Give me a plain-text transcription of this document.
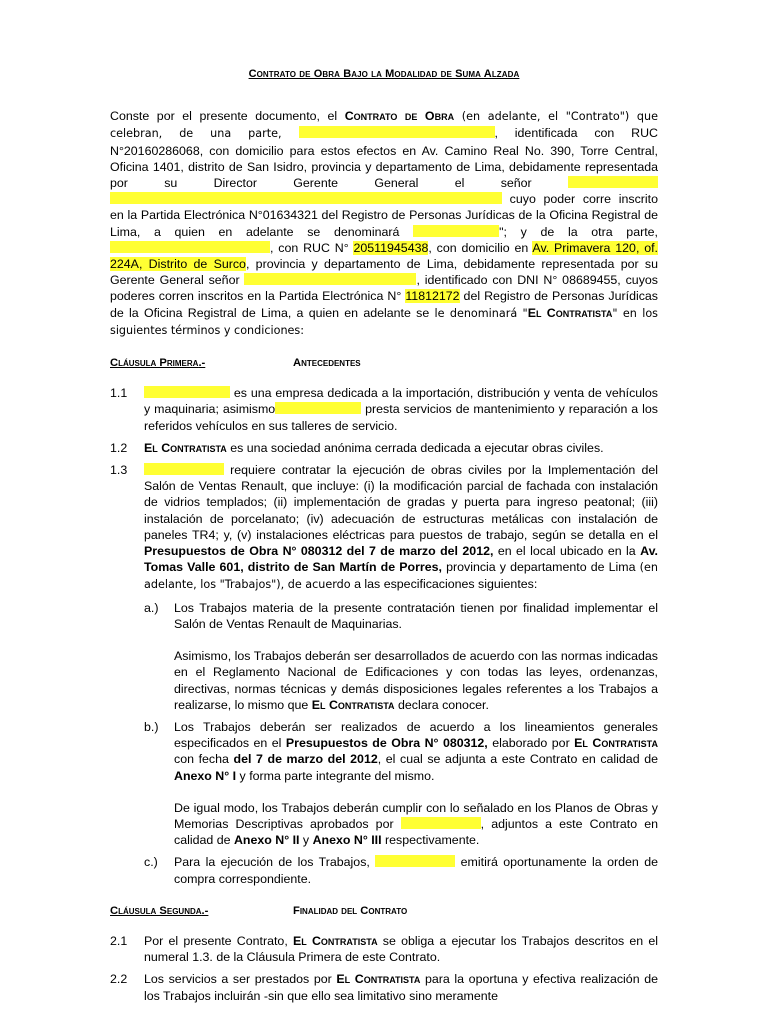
Contrato de Obra Bajo la Modalidad de Suma Alzada

Conste por el presente documento, el Contrato de Obra (en adelante, el "Contrato") que celebran, de una parte,	, identificada con RUC N°20160286068, con domicilio para estos efectos en Av. Camino Real No. 390, Torre Central, Oficina 1401, distrito de San Isidro, provincia y departamento de Lima, debidamente representada por su Director Gerente General el señor   cuyo poder corre inscrito en la Partida Electrónica N°01634321 del Registro de Personas Jurídicas de la Oficina Registral de Lima, a quien en adelante se denominará	"; y de la otra parte, , con RUC N° 20511945438, con domicilio en Av. Primavera 120, of. 224A, Distrito de Surco, provincia y departamento de Lima, debidamente representada por su Gerente General señor	, identificado con DNI N° 08689455, cuyos poderes corren inscritos en la Partida Electrónica N° 11812172 del Registro de Personas Jurídicas de la Oficina Registral de Lima, a quien en adelante se le denominará "El Contratista" en los siguientes términos y condiciones:

Cláusula Primera.-	Antecedentes
1.1	es una empresa dedicada a la importación, distribución y venta de vehículos y maquinaria; asimismo	presta servicios de mantenimiento y reparación a los referidos vehículos en sus talleres de servicio.
1.2	El Contratista es una sociedad anónima cerrada dedicada a ejecutar obras civiles.
1.3	requiere contratar la ejecución de obras civiles por la Implementación del Salón de Ventas Renault, que incluye: (i) la modificación parcial de fachada con instalación de vidrios templados; (ii) implementación de gradas y puerta para ingreso peatonal; (iii) instalación de porcelanato; (iv) adecuación de estructuras metálicas con instalación de paneles TR4; y, (v) instalaciones eléctricas para puestos de trabajo, según se detalla en el Presupuestos de Obra N° 080312 del 7 de marzo del 2012, en el local ubicado en la Av. Tomas Valle 601, distrito de San Martín de Porres, provincia y departamento de Lima (en adelante, los "Trabajos"), de acuerdo a las especificaciones siguientes:
a.)	Los Trabajos materia de la presente contratación tienen por finalidad implementar el Salón de Ventas Renault de Maquinarias.

Asimismo, los Trabajos deberán ser desarrollados de acuerdo con las normas indicadas en el Reglamento Nacional de Edificaciones y con todas las leyes, ordenanzas, directivas, normas técnicas y demás disposiciones legales referentes a los Trabajos a realizarse, lo mismo que El Contratista declara conocer.

b.)	Los Trabajos deberán ser realizados de acuerdo a los lineamientos generales especificados en el Presupuestos de Obra N° 080312, elaborado por El Contratista con fecha del 7 de marzo del 2012, el cual se adjunta a este Contrato en calidad de Anexo N° I y forma parte integrante del mismo.

De igual modo, los Trabajos deberán cumplir con lo señalado en los Planos de Obras y Memorias Descriptivas aprobados por	, adjuntos a este Contrato en calidad de Anexo N° II y Anexo N° III respectivamente.

c.)	Para la ejecución de los Trabajos,	emitirá oportunamente la orden de compra correspondiente.
Cláusula Segunda.-	Finalidad del Contrato
2.1	Por el presente Contrato, El Contratista se obliga a ejecutar los Trabajos descritos en el numeral 1.3. de la Cláusula Primera de este Contrato.
2.2	Los servicios a ser prestados por El Contratista para la oportuna y efectiva realización de los Trabajos incluirán -sin que ello sea limitativo sino meramente
